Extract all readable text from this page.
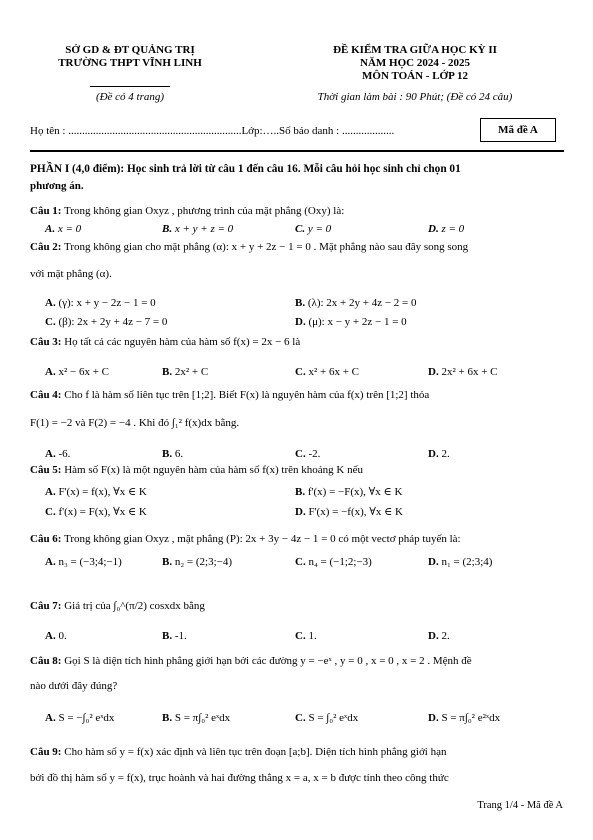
SỞ GD & ĐT QUẢNG TRỊ
TRƯỜNG THPT VĨNH LINH
(Đề có 4 trang)
ĐỀ KIỂM TRA GIỮA HỌC KỲ II
NĂM HỌC 2024 - 2025
MÔN TOÁN - LỚP 12
Thời gian làm bài : 90 Phút; (Đề có 24 câu)
Họ tên : ...............................................................Lớp:…..Số báo danh : ...................	Mã đề A
PHẦN I (4,0 điểm): Học sinh trả lời từ câu 1 đến câu 16. Mỗi câu hỏi học sinh chỉ chọn 01
phương án.
Câu 1: Trong không gian Oxyz , phương trình của mặt phẳng (Oxy) là:
A. x = 0	B. x + y + z = 0	C. y = 0	D. z = 0
Câu 2: Trong không gian cho mặt phẳng (α): x + y + 2z − 1 = 0 . Mặt phẳng nào sau đây song song
với mặt phẳng (α).
A. (γ): x + y − 2z − 1 = 0	B. (λ): 2x + 2y + 4z − 2 = 0
C. (β): 2x + 2y + 4z − 7 = 0	D. (μ): x − y + 2z − 1 = 0
Câu 3: Họ tất cả các nguyên hàm của hàm số f(x) = 2x − 6 là
A. x² − 6x + C	B. 2x² + C	C. x² + 6x + C	D. 2x² + 6x + C
Câu 4: Cho f là hàm số liên tục trên [1;2]. Biết F(x) là nguyên hàm của f(x) trên [1;2] thỏa
F(1) = −2 và F(2) = −4 . Khi đó ∫₁² f(x)dx bằng.
A. -6.	B. 6.	C. -2.	D. 2.
Câu 5: Hàm số F(x) là một nguyên hàm của hàm số f(x) trên khoảng K nếu
A. F'(x) = f(x), ∀x ∈ K	B. f'(x) = −F(x), ∀x ∈ K
C. f'(x) = F(x), ∀x ∈ K	D. F'(x) = −f(x), ∀x ∈ K
Câu 6: Trong không gian Oxyz , mặt phẳng (P): 2x + 3y − 4z − 1 = 0 có một vectơ pháp tuyến là:
A. n₃ = (−3;4;−1)	B. n₂ = (2;3;−4)	C. n₄ = (−1;2;−3)	D. n₁ = (2;3;4)
Câu 7: Giá trị của ∫₀^(π/2) cosxdx bằng
A. 0.	B. -1.	C. 1.	D. 2.
Câu 8: Gọi S là diện tích hình phẳng giới hạn bởi các đường y = −eˣ , y = 0 , x = 0 , x = 2 . Mệnh đề
nào dưới đây đúng?
A. S = −∫₀² eˣdx	B. S = π∫₀² eˣdx	C. S = ∫₀² eˣdx	D. S = π∫₀² e²ˣdx
Câu 9: Cho hàm số y = f(x) xác định và liên tục trên đoạn [a;b]. Diện tích hình phẳng giới hạn
bởi đồ thị hàm số y = f(x), trục hoành và hai đường thẳng x = a, x = b được tính theo công thức
Trang 1/4 - Mã đề A
